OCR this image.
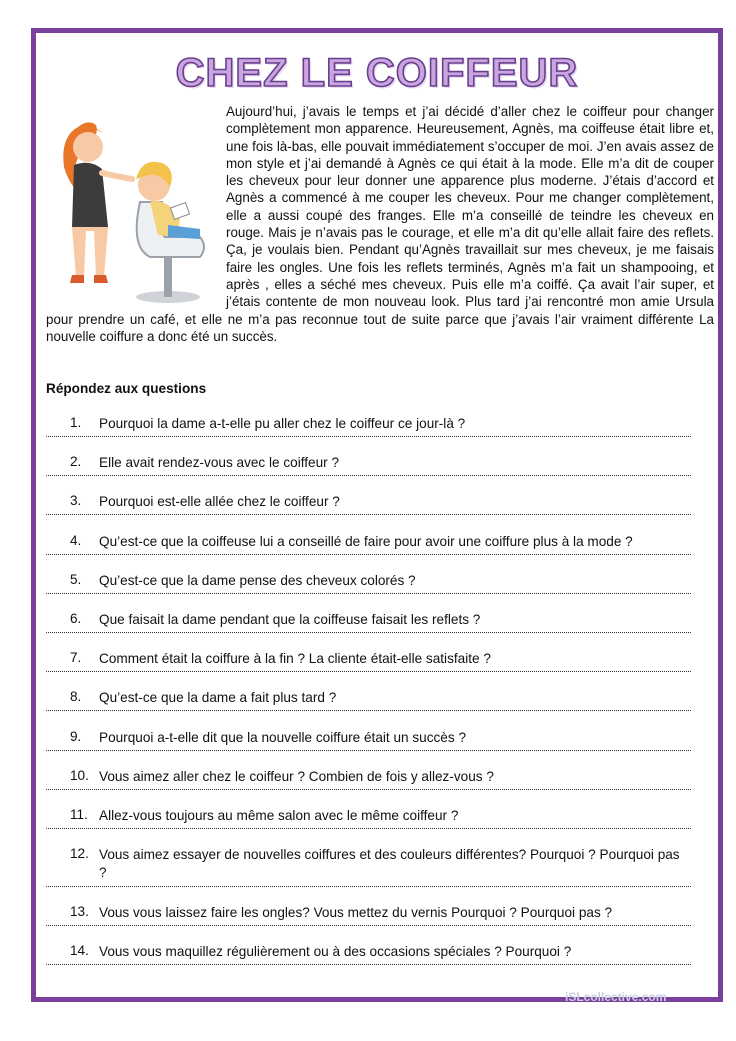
CHEZ LE COIFFEUR
Aujourd’hui, j’avais le temps et j’ai décidé d’aller chez le coiffeur pour changer complètement mon apparence. Heureusement, Agnès, ma coiffeuse était libre et, une fois là-bas, elle pouvait immédiatement s’occuper de moi. J’en avais assez de mon style et j’ai demandé à Agnès ce qui était à la mode. Elle m’a dit de couper les cheveux pour leur donner une apparence plus moderne. J’étais d’accord et Agnès a commencé à me couper les cheveux. Pour me changer complètement, elle a aussi coupé des franges. Elle m’a conseillé de teindre les cheveux en rouge. Mais je n’avais pas le courage, et elle m’a dit qu’elle allait faire des reflets. Ça, je voulais bien. Pendant qu’Agnès travaillait sur mes cheveux, je me faisais faire les ongles. Une fois les reflets terminés, Agnès m’a fait un shampooing, et après , elles a séché mes cheveux. Puis elle m’a coiffé. Ça avait l’air super, et j’étais contente de mon nouveau look. Plus tard j’ai rencontré mon amie Ursula pour prendre un café, et elle ne m’a pas reconnue tout de suite parce que j’avais l’air vraiment différente La nouvelle coiffure a donc été un succès.
Répondez aux questions
1.	Pourquoi la dame a-t-elle pu aller chez le coiffeur ce jour-là ?
2.	Elle avait rendez-vous avec le coiffeur ?
3.	Pourquoi est-elle allée chez le coiffeur ?
4.	Qu’est-ce que la coiffeuse lui a conseillé de faire pour avoir une coiffure plus à la mode ?
5.	Qu’est-ce que la dame pense des cheveux colorés ?
6.	Que faisait la dame pendant que la coiffeuse faisait les reflets ?
7.	Comment était la coiffure à la fin ? La cliente était-elle satisfaite ?
8.	Qu’est-ce que la dame a fait plus tard ?
9.	Pourquoi a-t-elle dit que la nouvelle coiffure était un succès ?
10. Vous aimez aller chez le coiffeur ? Combien de fois y allez-vous ?
11. Allez-vous toujours au même salon avec le même coiffeur ?
12. Vous aimez essayer de nouvelles coiffures et des couleurs différentes? Pourquoi ? Pourquoi pas ?
13. Vous vous laissez faire les ongles? Vous mettez du vernis Pourquoi ? Pourquoi pas ?
14. Vous vous maquillez régulièrement ou à des occasions spéciales ? Pourquoi ?
iSLcollective.com
